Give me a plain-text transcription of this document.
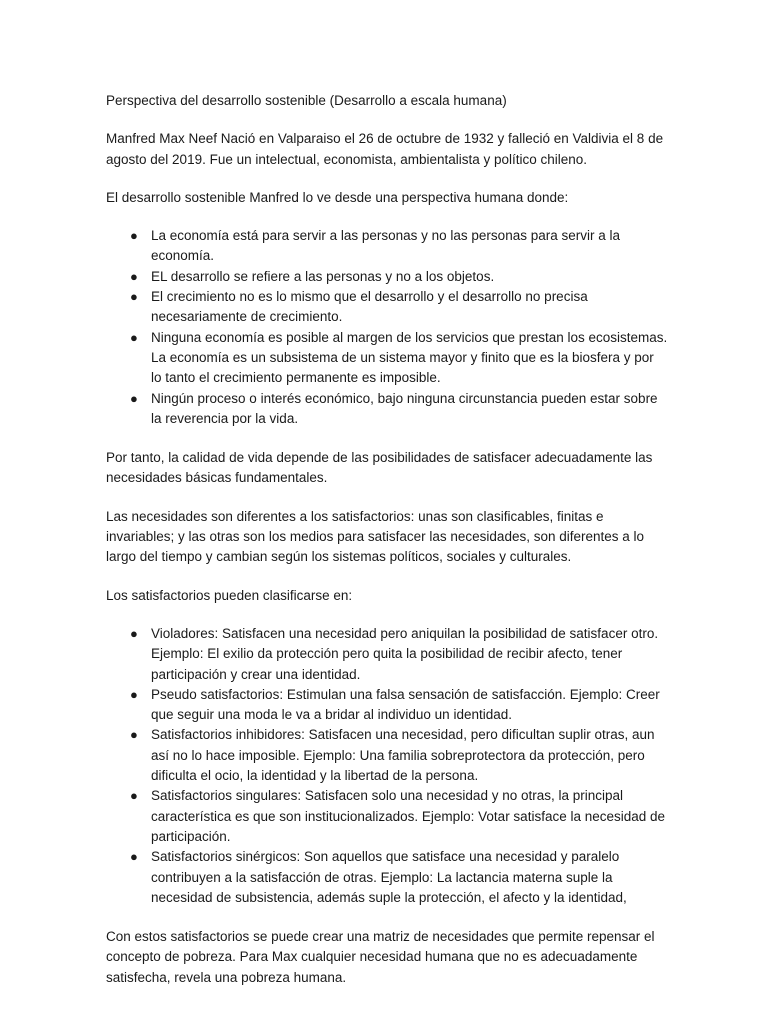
Perspectiva del desarrollo sostenible (Desarrollo a escala humana)

Manfred Max Neef Nació en Valparaiso el 26 de octubre de 1932 y falleció en Valdivia el 8 de agosto del 2019. Fue un intelectual, economista, ambientalista y político chileno.

El desarrollo sostenible Manfred lo ve desde una perspectiva humana donde:

● La economía está para servir a las personas y no las personas para servir a la economía.
● EL desarrollo se refiere a las personas y no a los objetos.
● El crecimiento no es lo mismo que el desarrollo y el desarrollo no precisa necesariamente de crecimiento.
● Ninguna economía es posible al margen de los servicios que prestan los ecosistemas. La economía es un subsistema de un sistema mayor y finito que es la biosfera y por lo tanto el crecimiento permanente es imposible.
● Ningún proceso o interés económico, bajo ninguna circunstancia pueden estar sobre la reverencia por la vida.

Por tanto, la calidad de vida depende de las posibilidades de satisfacer adecuadamente las necesidades básicas fundamentales.

Las necesidades son diferentes a los satisfactorios: unas son clasificables, finitas e invariables; y las otras son los medios para satisfacer las necesidades, son diferentes a lo largo del tiempo y cambian según los sistemas políticos, sociales y culturales.

Los satisfactorios pueden clasificarse en:

● Violadores: Satisfacen una necesidad pero aniquilan la posibilidad de satisfacer otro. Ejemplo: El exilio da protección pero quita la posibilidad de recibir afecto, tener participación y crear una identidad.
● Pseudo satisfactorios: Estimulan una falsa sensación de satisfacción. Ejemplo: Creer que seguir una moda le va a bridar al individuo un identidad.
● Satisfactorios inhibidores: Satisfacen una necesidad, pero dificultan suplir otras, aun así no lo hace imposible. Ejemplo: Una familia sobreprotectora da protección, pero dificulta el ocio, la identidad y la libertad de la persona.
● Satisfactorios singulares: Satisfacen solo una necesidad y no otras, la principal característica es que son institucionalizados. Ejemplo: Votar satisface la necesidad de participación.
● Satisfactorios sinérgicos: Son aquellos que satisface una necesidad y paralelo contribuyen a la satisfacción de otras. Ejemplo: La lactancia materna suple la necesidad de subsistencia, además suple la protección, el afecto y la identidad,

Con estos satisfactorios se puede crear una matriz de necesidades que permite repensar el concepto de pobreza. Para Max cualquier necesidad humana que no es adecuadamente satisfecha, revela una pobreza humana.
